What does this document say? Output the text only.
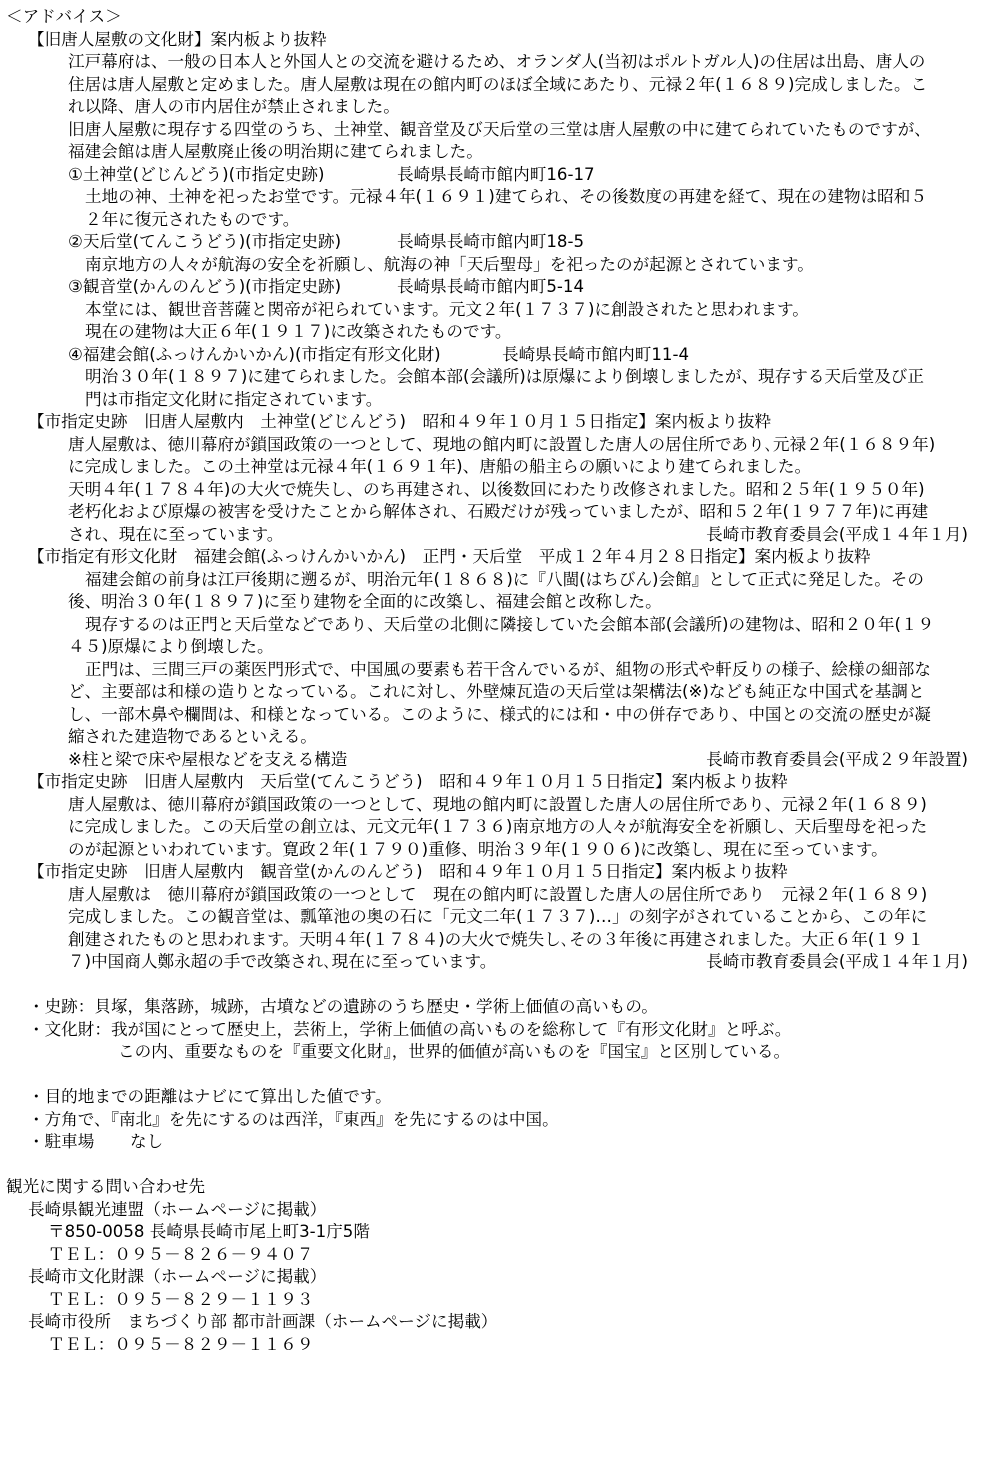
＜アドバイス＞
【旧唐人屋敷の文化財】案内板より抜粋
江戸幕府は、一般の日本人と外国人との交流を避けるため、オランダ人(当初はポルトガル人)の住居は出島、唐人の
住居は唐人屋敷と定めました。唐人屋敷は現在の館内町のほぼ全域にあたり、元禄２年(１６８９)完成しました。こ
れ以降、唐人の市内居住が禁止されました。
旧唐人屋敷に現存する四堂のうち、土神堂、観音堂及び天后堂の三堂は唐人屋敷の中に建てられていたものですが、
福建会館は唐人屋敷廃止後の明治期に建てられました。
①土神堂(どじんどう)(市指定史跡)	長崎県長崎市館内町16-17
土地の神、土神を祀ったお堂です。元禄４年(１６９１)建てられ、その後数度の再建を経て、現在の建物は昭和５
２年に復元されたものです。
②天后堂(てんこうどう)(市指定史跡)	長崎県長崎市館内町18-5
南京地方の人々が航海の安全を祈願し、航海の神「天后聖母」を祀ったのが起源とされています。
③観音堂(かんのんどう)(市指定史跡)	長崎県長崎市館内町5-14
本堂には、観世音菩薩と関帝が祀られています。元文２年(１７３７)に創設されたと思われます。
現在の建物は大正６年(１９１７)に改築されたものです。
④福建会館(ふっけんかいかん)(市指定有形文化財)	長崎県長崎市館内町11-4
明治３０年(１８９７)に建てられました。会館本部(会議所)は原爆により倒壊しましたが、現存する天后堂及び正
門は市指定文化財に指定されています。
【市指定史跡　旧唐人屋敷内　土神堂(どじんどう)　昭和４９年１０月１５日指定】案内板より抜粋
唐人屋敷は、徳川幕府が鎖国政策の一つとして、現地の館内町に設置した唐人の居住所であり､元禄２年(１６８９年)
に完成しました。この土神堂は元禄４年(１６９１年)、唐船の船主らの願いにより建てられました。
天明４年(１７８４年)の大火で焼失し、のち再建され、以後数回にわたり改修されました。昭和２５年(１９５０年)
老朽化および原爆の被害を受けたことから解体され、石殿だけが残っていましたが、昭和５２年(１９７７年)に再建
され、現在に至っています。	長崎市教育委員会(平成１４年１月)
【市指定有形文化財　福建会館(ふっけんかいかん)　正門・天后堂　平成１２年４月２８日指定】案内板より抜粋
福建会館の前身は江戸後期に遡るが、明治元年(１８６８)に『八閩(はちびん)会館』として正式に発足した。その
後、明治３０年(１８９７)に至り建物を全面的に改築し、福建会館と改称した。
現存するのは正門と天后堂などであり、天后堂の北側に隣接していた会館本部(会議所)の建物は、昭和２０年(１９
４５)原爆により倒壊した。
正門は、三間三戸の薬医門形式で、中国風の要素も若干含んでいるが、組物の形式や軒反りの様子、絵様の細部な
ど、主要部は和様の造りとなっている。これに対し、外壁煉瓦造の天后堂は架構法(※)なども純正な中国式を基調と
し、一部木鼻や欄間は、和様となっている。このように、様式的には和・中の併存であり、中国との交流の歴史が凝
縮された建造物であるといえる。
※柱と梁で床や屋根などを支える構造	長崎市教育委員会(平成２９年設置)
【市指定史跡　旧唐人屋敷内　天后堂(てんこうどう)　昭和４９年１０月１５日指定】案内板より抜粋
唐人屋敷は、徳川幕府が鎖国政策の一つとして、現地の館内町に設置した唐人の居住所であり、元禄２年(１６８９)
に完成しました。この天后堂の創立は、元文元年(１７３６)南京地方の人々が航海安全を祈願し、天后聖母を祀った
のが起源といわれています。寛政２年(１７９０)重修、明治３９年(１９０６)に改築し、現在に至っています。
【市指定史跡　旧唐人屋敷内　観音堂(かんのんどう)　昭和４９年１０月１５日指定】案内板より抜粋
唐人屋敷は　徳川幕府が鎖国政策の一つとして　現在の館内町に設置した唐人の居住所であり　元禄２年(１６８９)
完成しました。この観音堂は、瓢箪池の奥の石に「元文二年(１７３７)…」の刻字がされていることから、この年に
創建されたものと思われます。天明４年(１７８４)の大火で焼失し､その３年後に再建されました。大正６年(１９１
７)中国商人鄭永超の手で改築され､現在に至っています。	長崎市教育委員会(平成１４年１月)
・史跡：貝塚，集落跡，城跡，古墳などの遺跡のうち歴史・学術上価値の高いもの。
・文化財：我が国にとって歴史上，芸術上，学術上価値の高いものを総称して『有形文化財』と呼ぶ。
この内、重要なものを『重要文化財』，世界的価値が高いものを『国宝』と区別している。
・目的地までの距離はナビにて算出した値です。
・方角で、『南北』を先にするのは西洋，『東西』を先にするのは中国。
・駐車場 なし
観光に関する問い合わせ先
長崎県観光連盟（ホームページに掲載）
〒850-0058 長崎県長崎市尾上町3-1庁5階
ＴＥＬ：０９５－８２６－９４０７
長崎市文化財課（ホームページに掲載）
ＴＥＬ：０９５－８２９－１１９３
長崎市役所　まちづくり部 都市計画課（ホームページに掲載）
ＴＥＬ：０９５－８２９－１１６９
